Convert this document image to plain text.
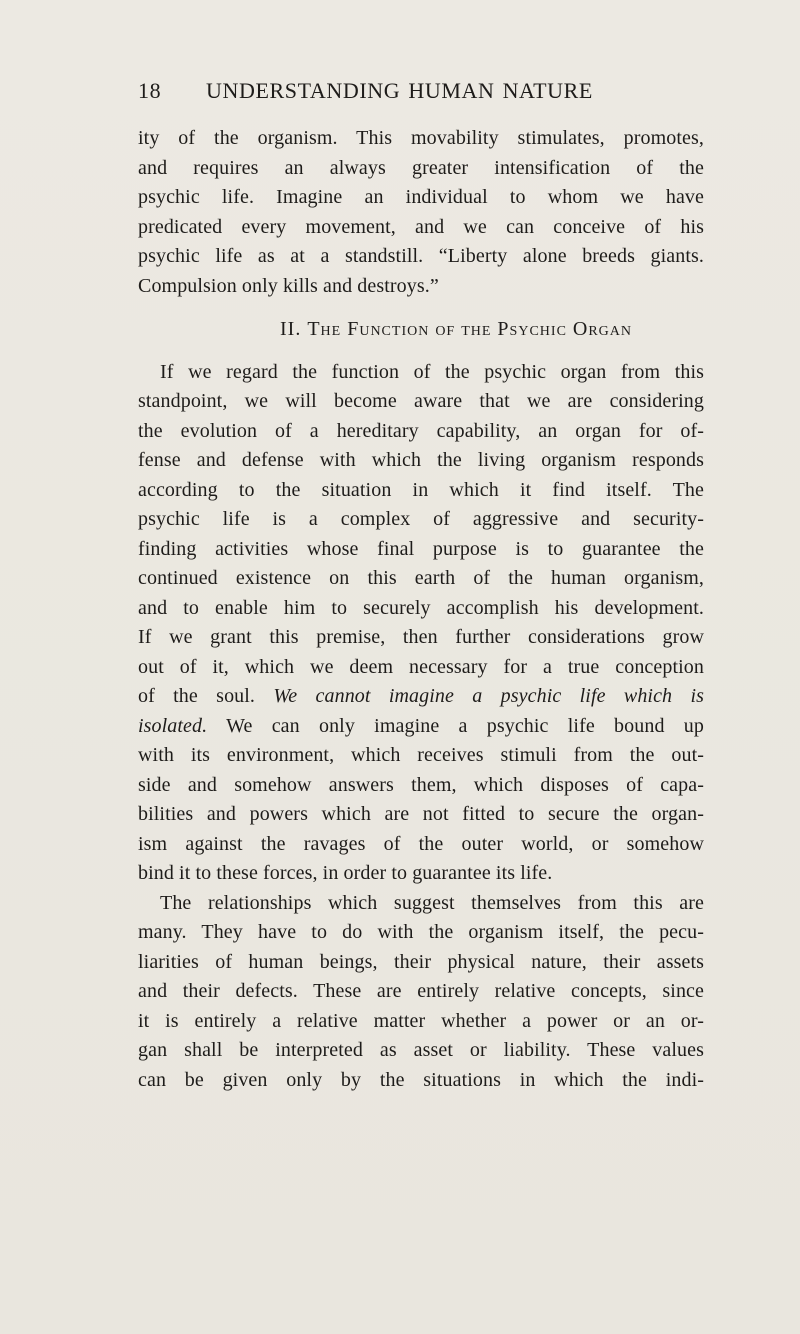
18 UNDERSTANDING HUMAN NATURE
ity of the organism. This movability stimulates, promotes,
and requires an always greater intensification of the
psychic life. Imagine an individual to whom we have
predicated every movement, and we can conceive of his
psychic life as at a standstill. “Liberty alone breeds giants.
Compulsion only kills and destroys.”
II. The Function of the Psychic Organ
If we regard the function of the psychic organ from this
standpoint, we will become aware that we are considering
the evolution of a hereditary capability, an organ for of-
fense and defense with which the living organism responds
according to the situation in which it find itself. The
psychic life is a complex of aggressive and security-
finding activities whose final purpose is to guarantee the
continued existence on this earth of the human organism,
and to enable him to securely accomplish his development.
If we grant this premise, then further considerations grow
out of it, which we deem necessary for a true conception
of the soul. We cannot imagine a psychic life which is
isolated. We can only imagine a psychic life bound up
with its environment, which receives stimuli from the out-
side and somehow answers them, which disposes of capa-
bilities and powers which are not fitted to secure the organ-
ism against the ravages of the outer world, or somehow
bind it to these forces, in order to guarantee its life.
The relationships which suggest themselves from this are
many. They have to do with the organism itself, the pecu-
liarities of human beings, their physical nature, their assets
and their defects. These are entirely relative concepts, since
it is entirely a relative matter whether a power or an or-
gan shall be interpreted as asset or liability. These values
can be given only by the situations in which the indi-
